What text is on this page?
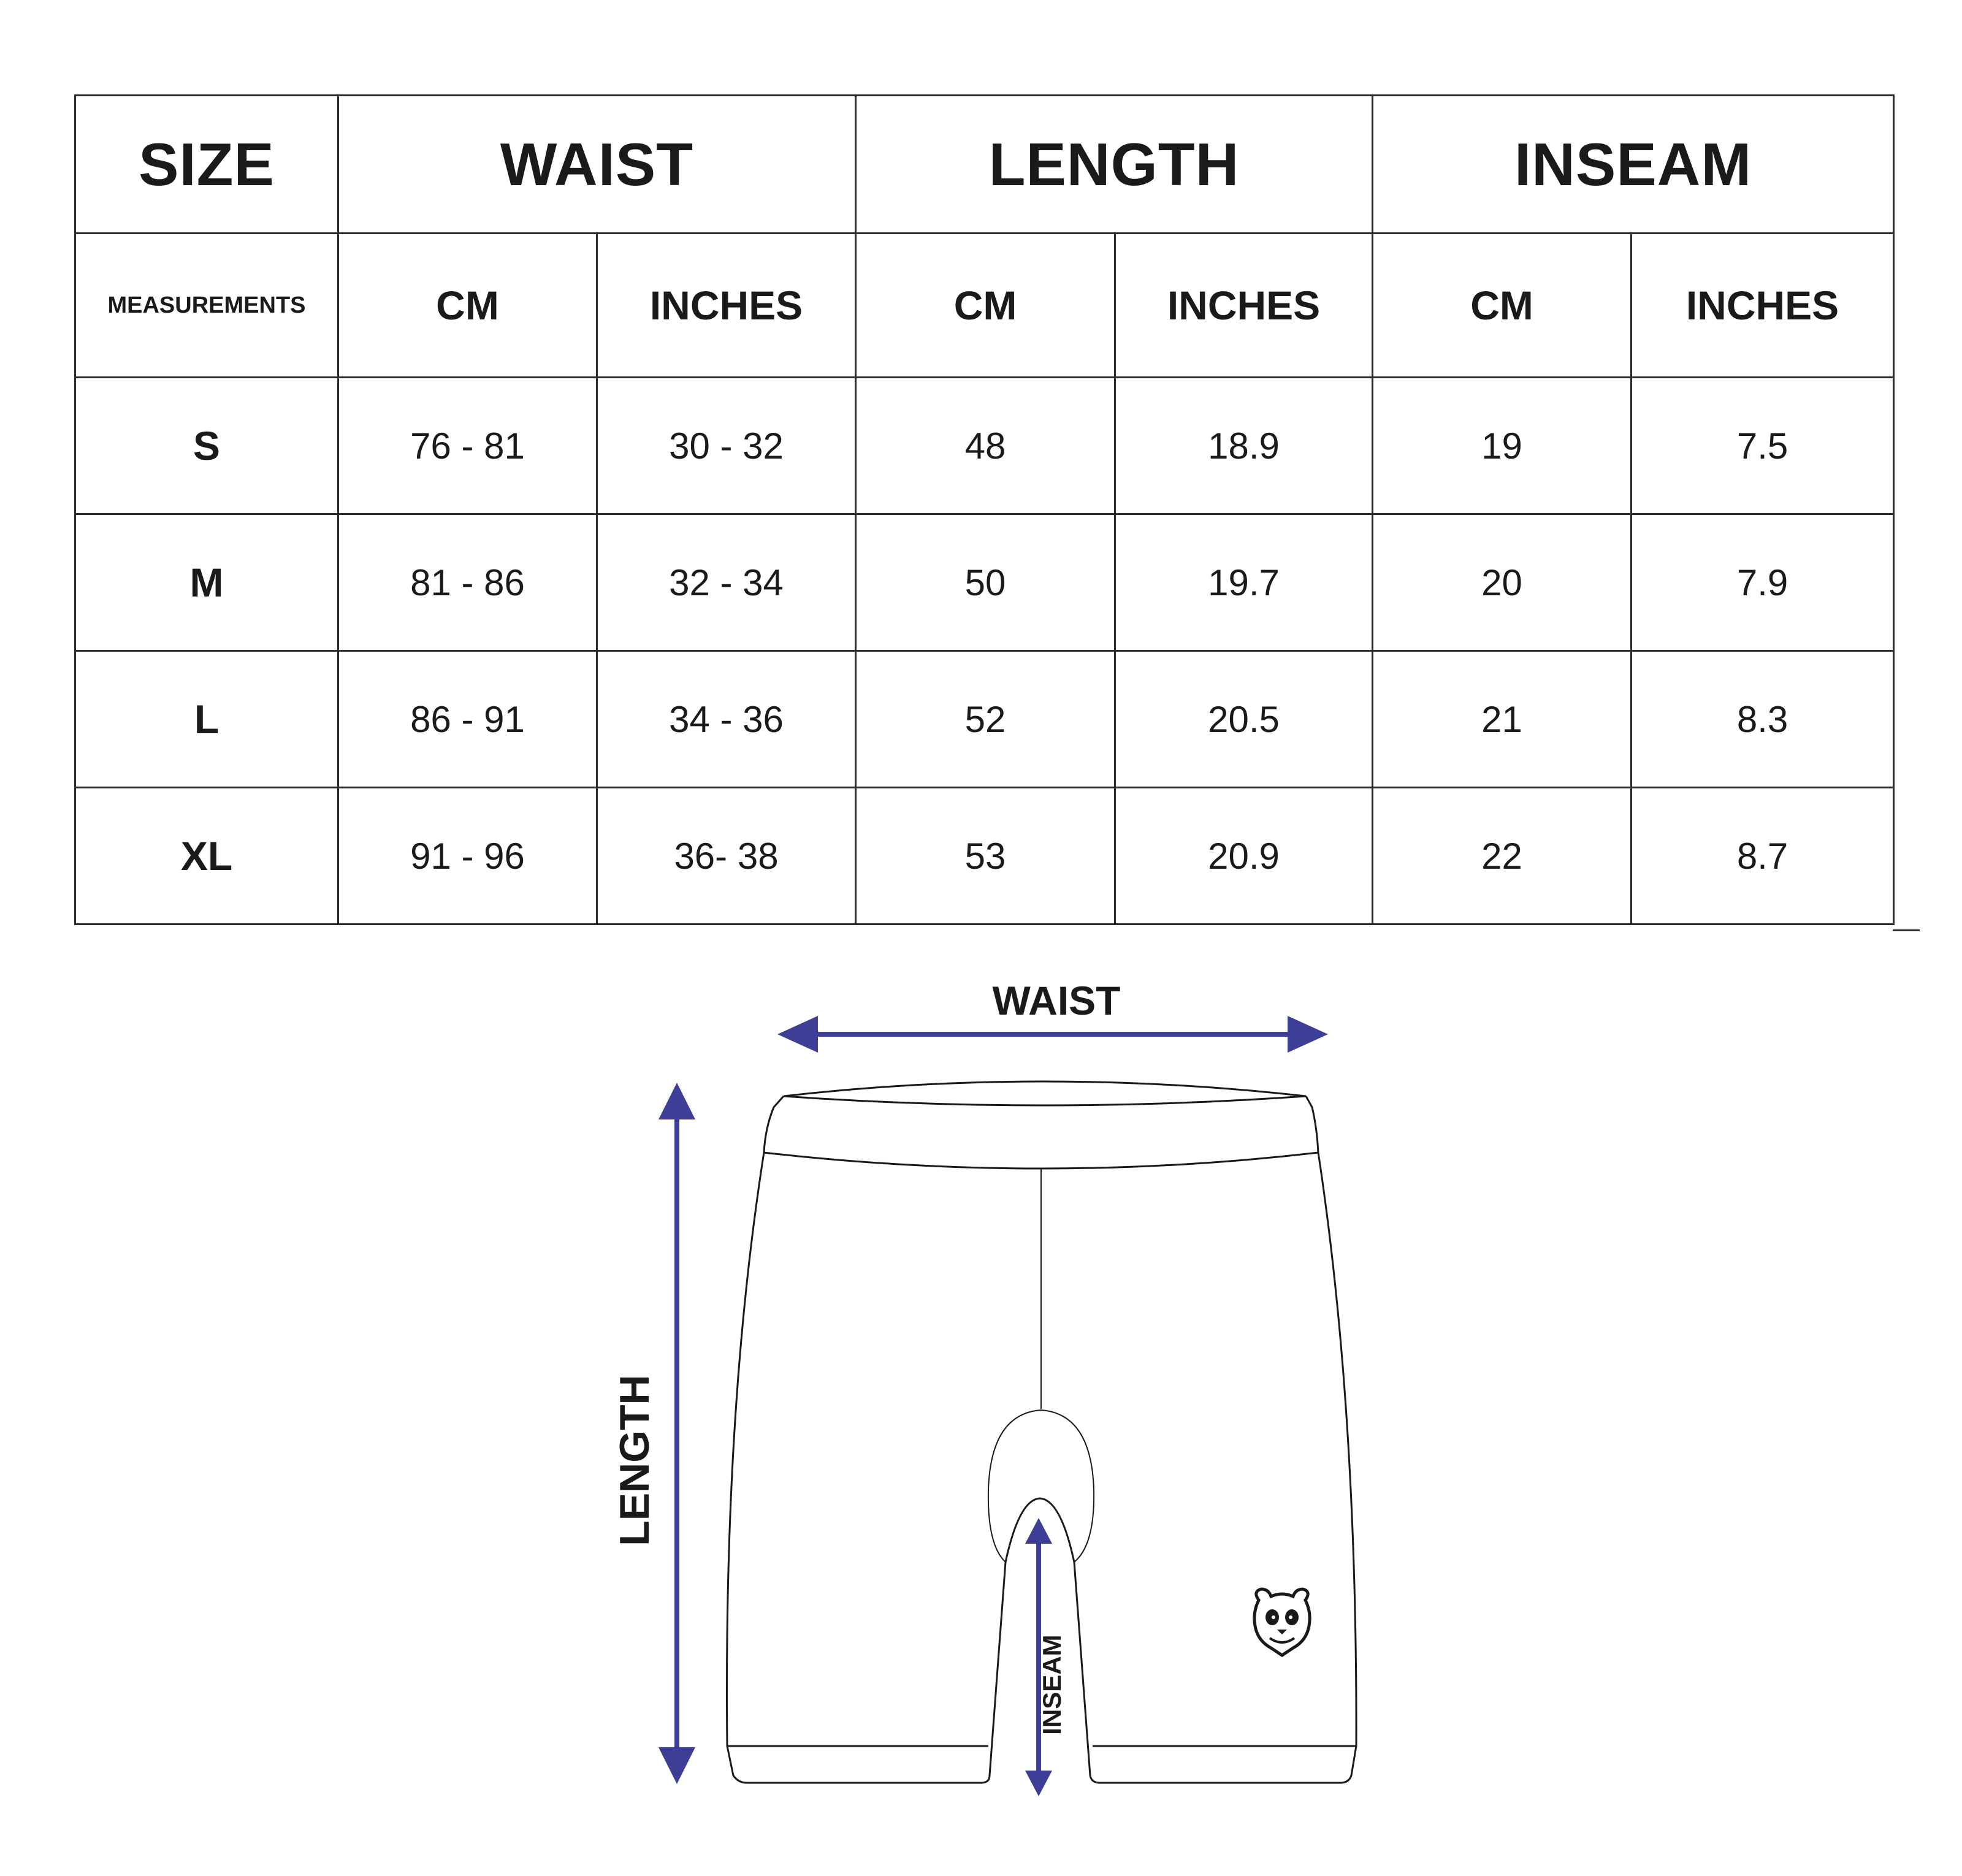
SIZE	WAIST		LENGTH		INSEAM	
MEASUREMENTS	CM	INCHES	CM	INCHES	CM	INCHES
S	76 - 81	30 - 32	48	18.9	19	7.5
M	81 - 86	32 - 34	50	19.7	20	7.9
L	86 - 91	34 - 36	52	20.5	21	8.3
XL	91 - 96	36- 38	53	20.9	22	8.7
WAIST
LENGTH
INSEAM
